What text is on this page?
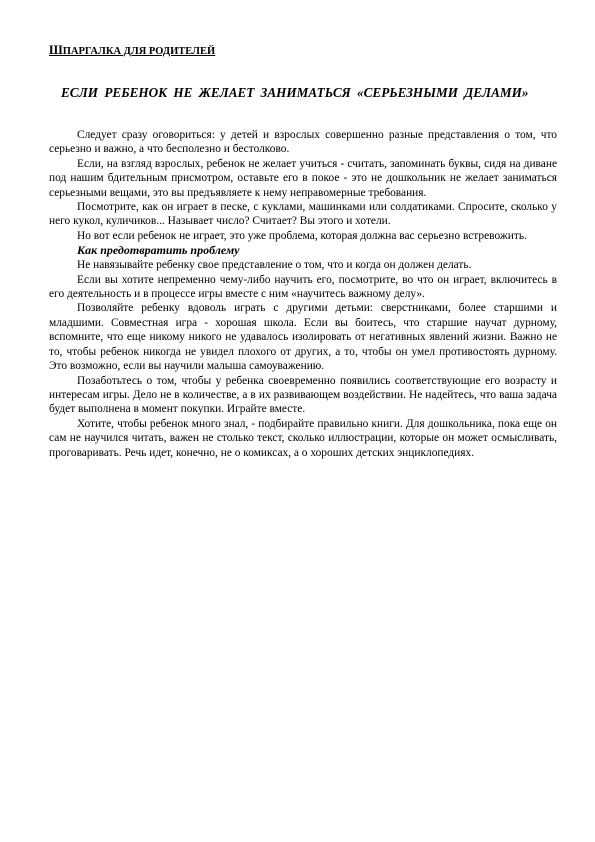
ШПАРГАЛКА ДЛЯ РОДИТЕЛЕЙ
ЕСЛИ РЕБЕНОК НЕ ЖЕЛАЕТ ЗАНИМАТЬСЯ «СЕРЬЕЗНЫМИ ДЕЛАМИ»

Следует сразу оговориться: у детей и взрослых совершенно разные представления о том, что серьезно и важно, а что бесполезно и бестолково.

Если, на взгляд взрослых, ребенок не желает учиться - считать, запоминать буквы, сидя на диване под нашим бдительным присмотром, оставьте его в покое - это не дошкольник не желает заниматься серьезными вещами, это вы предъявляете к нему неправомерные требования.

Посмотрите, как он играет в песке, с куклами, машинками или солдатиками. Спросите, сколько у него кукол, куличиков... Называет число? Считает? Вы этого и хотели.

Но вот если ребенок не играет, это уже проблема, которая должна вас серьезно встревожить.

Как предотвратить проблему

Не навязывайте ребенку свое представление о том, что и когда он должен делать.

Если вы хотите непременно чему-либо научить его, посмотрите, во что он играет, включитесь в его деятельность и в процессе игры вместе с ним «научитесь важному делу».

Позволяйте ребенку вдоволь играть с другими детьми: сверстниками, более старшими и младшими. Совместная игра - хорошая школа. Если вы боитесь, что старшие научат дурному, вспомните, что еще никому никого не удавалось изолировать от негативных явлений жизни. Важно не то, чтобы ребенок никогда не увидел плохого от других, а то, чтобы он умел противостоять дурному. Это возможно, если вы научили малыша самоуважению.

Позаботьтесь о том, чтобы у ребенка своевременно появились соответствующие его возрасту и интересам игры. Дело не в количестве, а в их развивающем воздействии. Не надейтесь, что ваша задача будет выполнена в момент покупки. Играйте вместе.

Хотите, чтобы ребенок много знал, - подбирайте правильно книги. Для дошкольника, пока еще он сам не научился читать, важен не столько текст, сколько иллюстрации, которые он может осмысливать, проговаривать. Речь идет, конечно, не о комиксах, а о хороших детских энциклопедиях.
